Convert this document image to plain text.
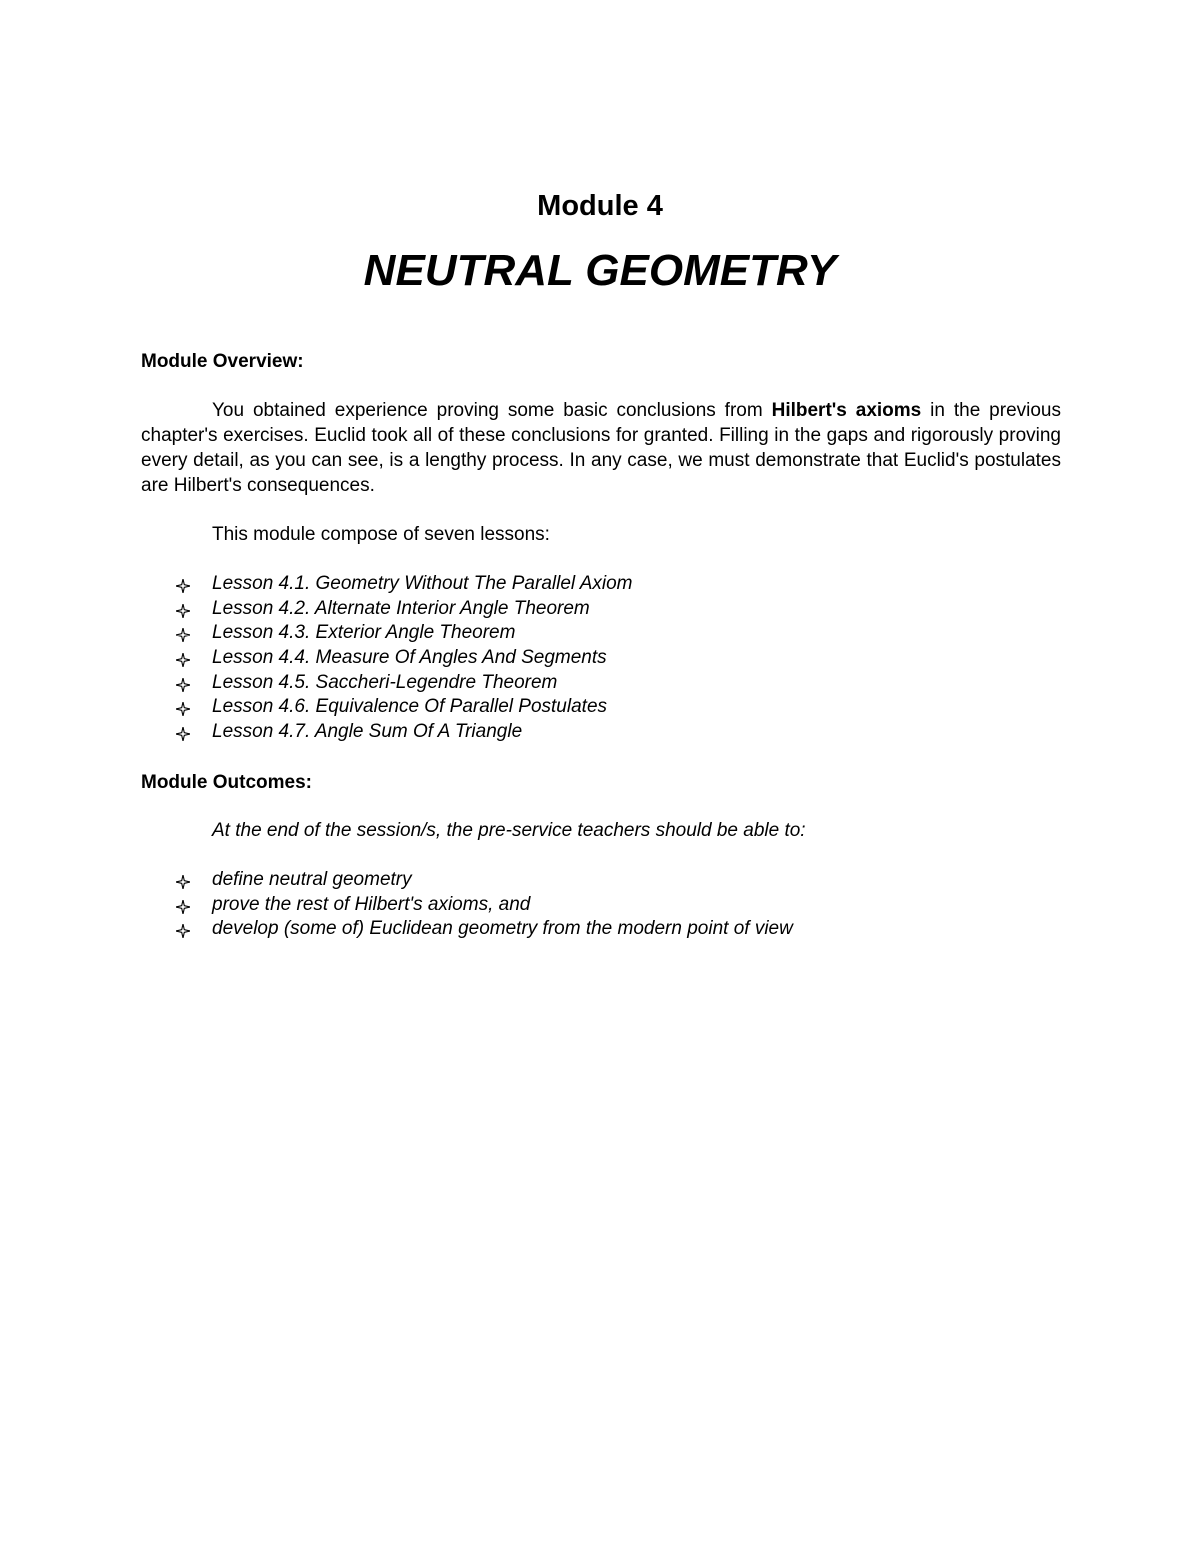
Module 4
NEUTRAL GEOMETRY
Module Overview:

You obtained experience proving some basic conclusions from Hilbert's axioms in the previous chapter's exercises. Euclid took all of these conclusions for granted. Filling in the gaps and rigorously proving every detail, as you can see, is a lengthy process. In any case, we must demonstrate that Euclid's postulates are Hilbert's consequences.

This module compose of seven lessons:

Lesson 4.1. Geometry Without The Parallel Axiom
Lesson 4.2. Alternate Interior Angle Theorem
Lesson 4.3. Exterior Angle Theorem
Lesson 4.4. Measure Of Angles And Segments
Lesson 4.5. Saccheri-Legendre Theorem
Lesson 4.6. Equivalence Of Parallel Postulates
Lesson 4.7. Angle Sum Of A Triangle
Module Outcomes:

At the end of the session/s, the pre-service teachers should be able to:

define neutral geometry
prove the rest of Hilbert's axioms, and
develop (some of) Euclidean geometry from the modern point of view
